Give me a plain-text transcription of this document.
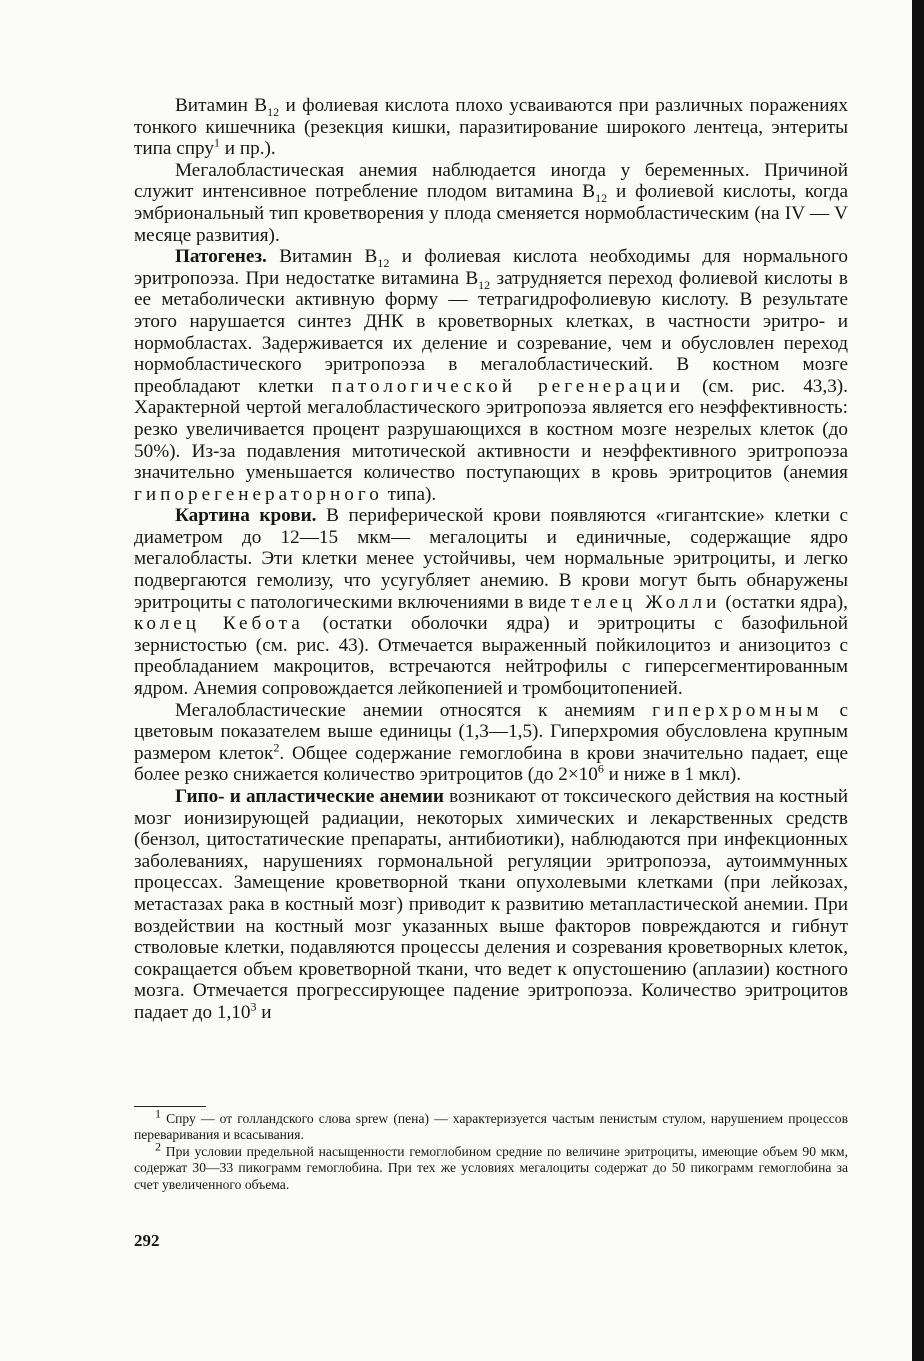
Витамин $B_{12}$ и фолиевая кислота плохо усваиваются при различных поражениях тонкого кишечника (резекция кишки, паразитирование широкого лентеца, энтериты типа спру$^1$ и пр.).

Мегалобластическая анемия наблюдается иногда у беременных. Причиной служит интенсивное потребление плодом витамина $B_{12}$ и фолиевой кислоты, когда эмбриональный тип кроветворения у плода сменяется нормобластическим (на IV — V месяце развития).

Патогенез. Витамин $B_{12}$ и фолиевая кислота необходимы для нормального эритропоэза. При недостатке витамина $B_{12}$ затрудняется переход фолиевой кислоты в ее метаболически активную форму — тетрагидрофолиевую кислоту. В результате этого нарушается синтез ДНК в кроветворных клетках, в частности эритро- и нормобластах. Задерживается их деление и созревание, чем и обусловлен переход нормобластического эритропоэза в мегалобластический. В костном мозге преобладают клетки патологической регенерации (см. рис. 43,3). Характерной чертой мегалобластического эритропоэза является его неэффективность: резко увеличивается процент разрушающихся в костном мозге незрелых клеток (до 50%). Из-за подавления митотической активности и неэффективного эритропоэза значительно уменьшается количество поступающих в кровь эритроцитов (анемия гипорегенераторного типа).

Картина крови. В периферической крови появляются «гигантские» клетки с диаметром до 12—15 мкм— мегалоциты и единичные, содержащие ядро мегалобласты. Эти клетки менее устойчивы, чем нормальные эритроциты, и легко подвергаются гемолизу, что усугубляет анемию. В крови могут быть обнаружены эритроциты с патологическими включениями в виде телец Жолли (остатки ядра), колец Кебота (остатки оболочки ядра) и эритроциты с базофильной зернистостью (см. рис. 43). Отмечается выраженный пойкилоцитоз и анизоцитоз с преобладанием макроцитов, встречаются нейтрофилы с гиперсегментированным ядром. Анемия сопровождается лейкопенией и тромбоцитопенией.

Мегалобластические анемии относятся к анемиям гиперхромным с цветовым показателем выше единицы (1,3—1,5). Гиперхромия обусловлена крупным размером клеток$^2$. Общее содержание гемоглобина в крови значительно падает, еще более резко снижается количество эритроцитов (до $2\times 10^6$ и ниже в 1 мкл).

Гипо- и апластические анемии возникают от токсического действия на костный мозг ионизирующей радиации, некоторых химических и лекарственных средств (бензол, цитостатические препараты, антибиотики), наблюдаются при инфекционных заболеваниях, нарушениях гормональной регуляции эритропоэза, аутоиммунных процессах. Замещение кроветворной ткани опухолевыми клетками (при лейкозах, метастазах рака в костный мозг) приводит к развитию метапластической анемии. При воздействии на костный мозг указанных выше факторов повреждаются и гибнут стволовые клетки, подавляются процессы деления и созревания кроветворных клеток, сокращается объем кроветворной ткани, что ведет к опустошению (аплазии) костного мозга. Отмечается прогрессирующее падение эритропоэза. Количество эритроцитов падает до 1,10$^3$ и

$^1$ Спру — от голландского слова sprew (пена) — характеризуется частым пенистым стулом, нарушением процессов переваривания и всасывания.

$^2$ При условии предельной насыщенности гемоглобином средние по величине эритроциты, имеющие объем 90 мкм, содержат 30—33 пикограмм гемоглобина. При тех же условиях мегалоциты содержат до 50 пикограмм гемоглобина за счет увеличенного объема.

292
